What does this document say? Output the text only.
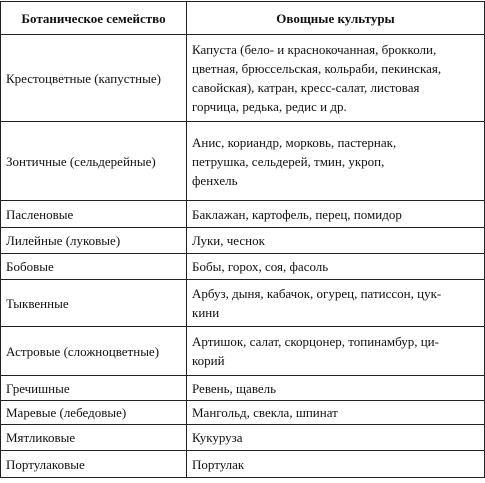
Ботаническое семейство	Овощные культуры
Крестоцветные (капустные)	Капуста (бело- и краснокочанная, брокколи,
цветная, брюссельская, кольраби, пекинская,
савойская), катран, кресс-салат, листовая
горчица, редька, редис и др.

Зонтичные (сельдерейные)	Анис, кориандр, морковь, пастернак,
петрушка, сельдерей, тмин, укроп,
фенхель

Пасленовые	Баклажан, картофель, перец, помидор

Лилейные (луковые)	Луки, чеснок

Бобовые	Бобы, горох, соя, фасоль

Тыквенные	Арбуз, дыня, кабачок, огурец, патиссон, цук-
кини

Астровые (сложноцветные)	Артишок, салат, скорцонер, топинамбур, ци-
корий

Гречишные	Ревень, щавель

Маревые (лебедовые)	Мангольд, свекла, шпинат

Мятликовые	Кукуруза

Портулаковые	Портулак
